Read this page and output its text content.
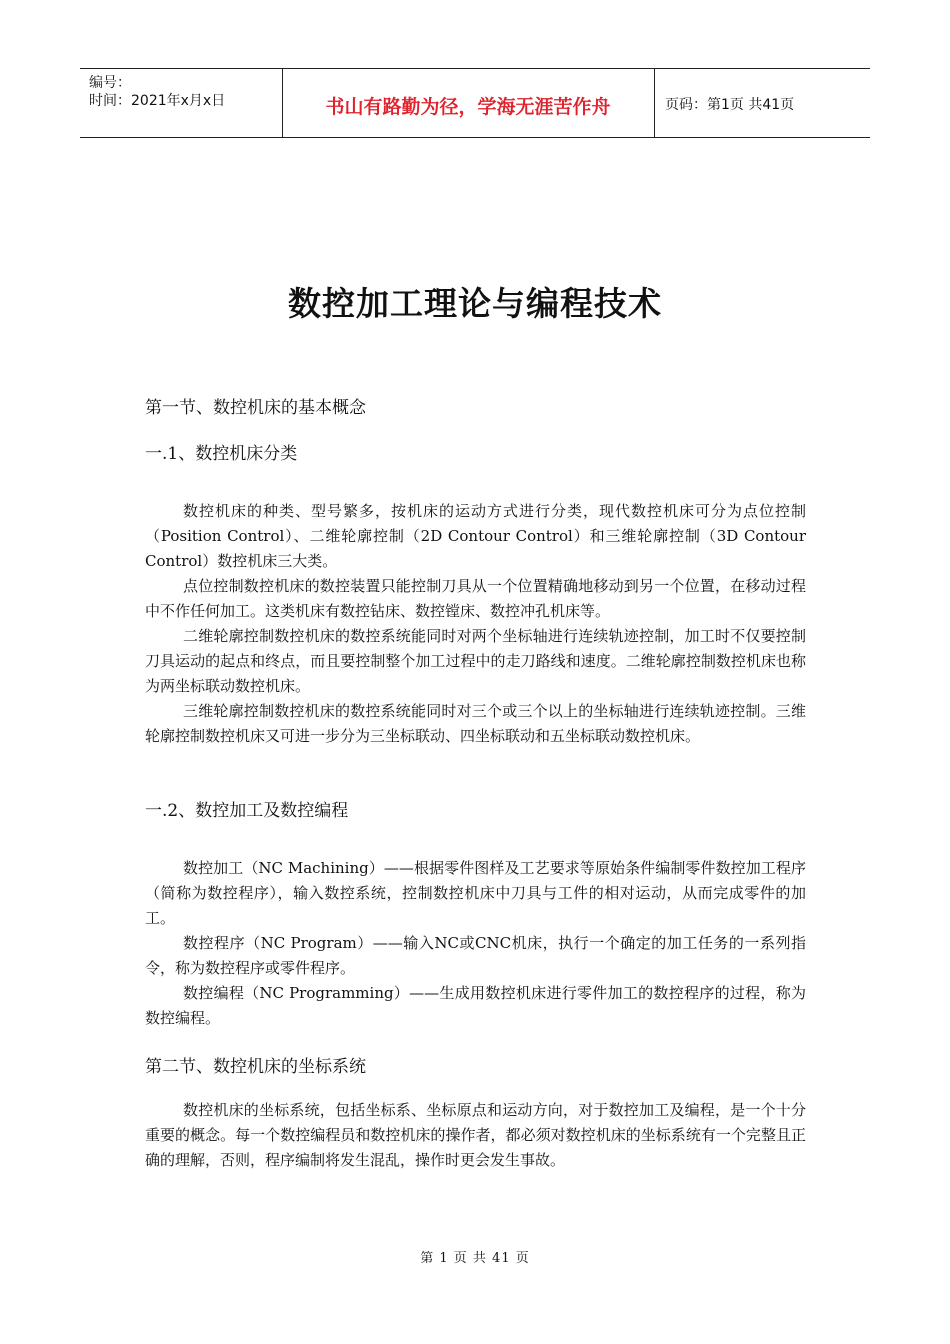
编号：
时间：2021年x月x日	书山有路勤为径，学海无涯苦作舟	页码：第1页 共41页
数控加工理论与编程技术
第一节、数控机床的基本概念
一.1、数控机床分类

数控机床的种类、型号繁多，按机床的运动方式进行分类，现代数控机床可分为点位控制（Position Control）、二维轮廓控制（2D Contour Control）和三维轮廓控制（3D Contour Control）数控机床三大类。

点位控制数控机床的数控装置只能控制刀具从一个位置精确地移动到另一个位置，在移动过程中不作任何加工。这类机床有数控钻床、数控镗床、数控冲孔机床等。

二维轮廓控制数控机床的数控系统能同时对两个坐标轴进行连续轨迹控制，加工时不仅要控制刀具运动的起点和终点，而且要控制整个加工过程中的走刀路线和速度。二维轮廓控制数控机床也称为两坐标联动数控机床。

三维轮廓控制数控机床的数控系统能同时对三个或三个以上的坐标轴进行连续轨迹控制。三维轮廓控制数控机床又可进一步分为三坐标联动、四坐标联动和五坐标联动数控机床。

一.2、数控加工及数控编程

数控加工（NC Machining）——根据零件图样及工艺要求等原始条件编制零件数控加工程序（简称为数控程序），输入数控系统，控制数控机床中刀具与工件的相对运动，从而完成零件的加工。

数控程序（NC Program）——输入NC或CNC机床，执行一个确定的加工任务的一系列指令，称为数控程序或零件程序。

数控编程（NC Programming）——生成用数控机床进行零件加工的数控程序的过程，称为数控编程。

第二节、数控机床的坐标系统

数控机床的坐标系统，包括坐标系、坐标原点和运动方向，对于数控加工及编程，是一个十分重要的概念。每一个数控编程员和数控机床的操作者，都必须对数控机床的坐标系统有一个完整且正确的理解，否则，程序编制将发生混乱，操作时更会发生事故。

第 1 页 共 41 页
